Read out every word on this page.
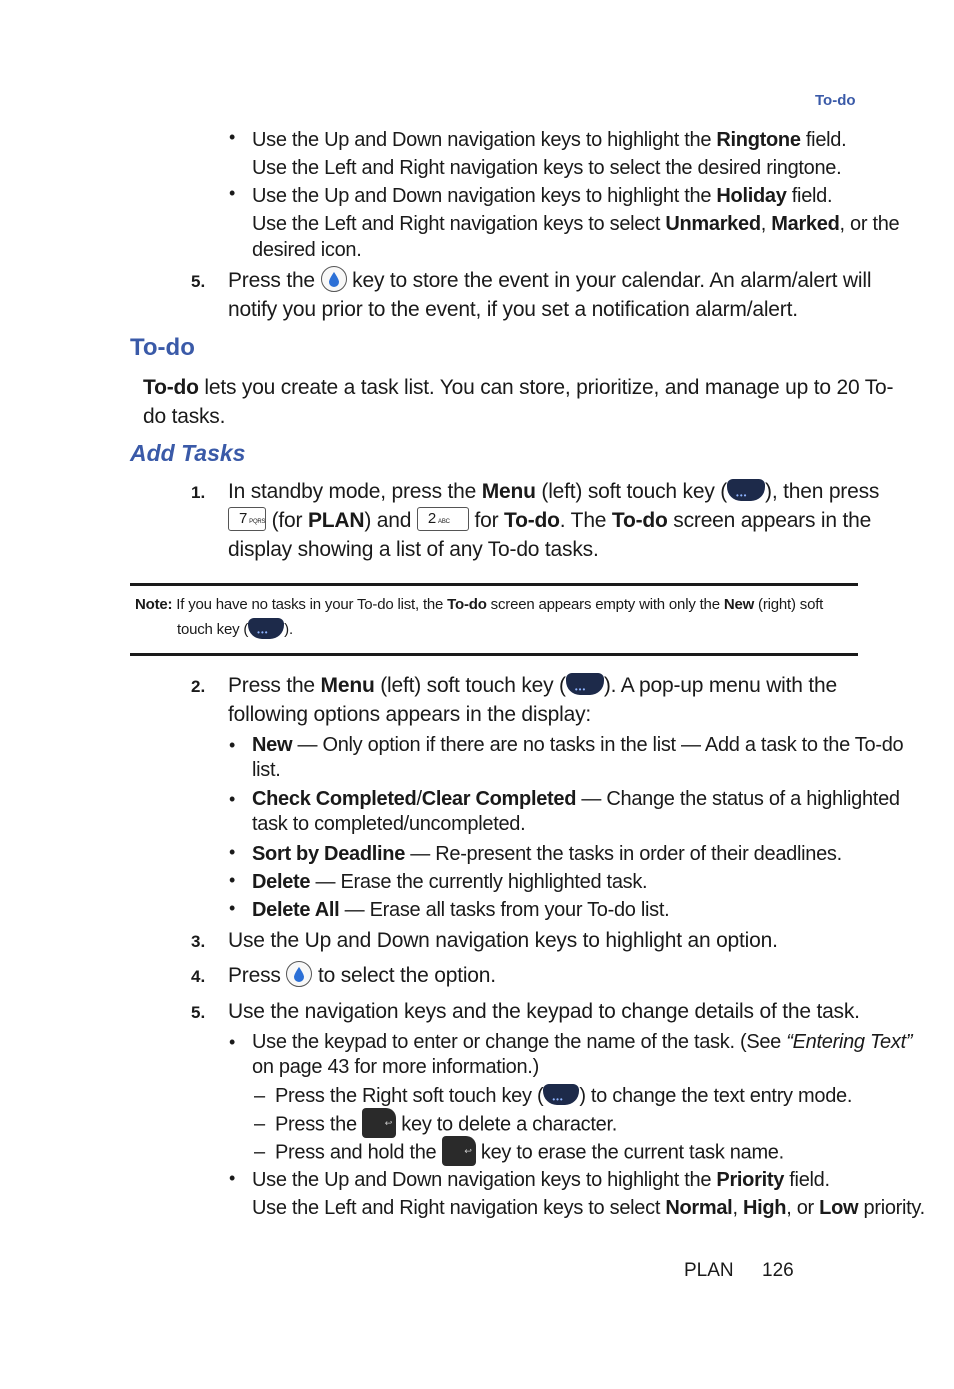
To-do
• Use the Up and Down navigation keys to highlight the Ringtone field.
Use the Left and Right navigation keys to select the desired ringtone.
• Use the Up and Down navigation keys to highlight the Holiday field.
Use the Left and Right navigation keys to select Unmarked, Marked, or the
desired icon.
5. Press the
key to store the event in your calendar. An alarm/alert will
notify you prior to the event, if you set a notification alarm/alert.
To-do
To-do lets you create a task list. You can store, prioritize, and manage up to 20 To-
do tasks.
Add Tasks
1. In standby mode, press the Menu (left) soft touch key ( ••• ), then press
7 PQRS (for PLAN) and 2 ABC for To-do. The To-do screen appears in the
display showing a list of any To-do tasks.
Note: If you have no tasks in your To-do list, the To-do screen appears empty with only the New (right) soft
touch key ( ••• ).
2. Press the Menu (left) soft touch key ( ••• ). A pop-up menu with the
following options appears in the display:
• New — Only option if there are no tasks in the list — Add a task to the To-do
list.
• Check Completed/Clear Completed — Change the status of a highlighted
task to completed/uncompleted.
• Sort by Deadline — Re-present the tasks in order of their deadlines.
• Delete — Erase the currently highlighted task.
• Delete All — Erase all tasks from your To-do list.
3. Use the Up and Down navigation keys to highlight an option.
4. Press
to select the option.
5. Use the navigation keys and the keypad to change details of the task.
• Use the keypad to enter or change the name of the task. (See “Entering Text”
on page 43 for more information.)
– Press the Right soft touch key ( ••• ) to change the text entry mode.
– Press the ↩ key to delete a character.
– Press and hold the ↩ key to erase the current task name.
• Use the Up and Down navigation keys to highlight the Priority field.
Use the Left and Right navigation keys to select Normal, High, or Low priority.
PLAN 126
